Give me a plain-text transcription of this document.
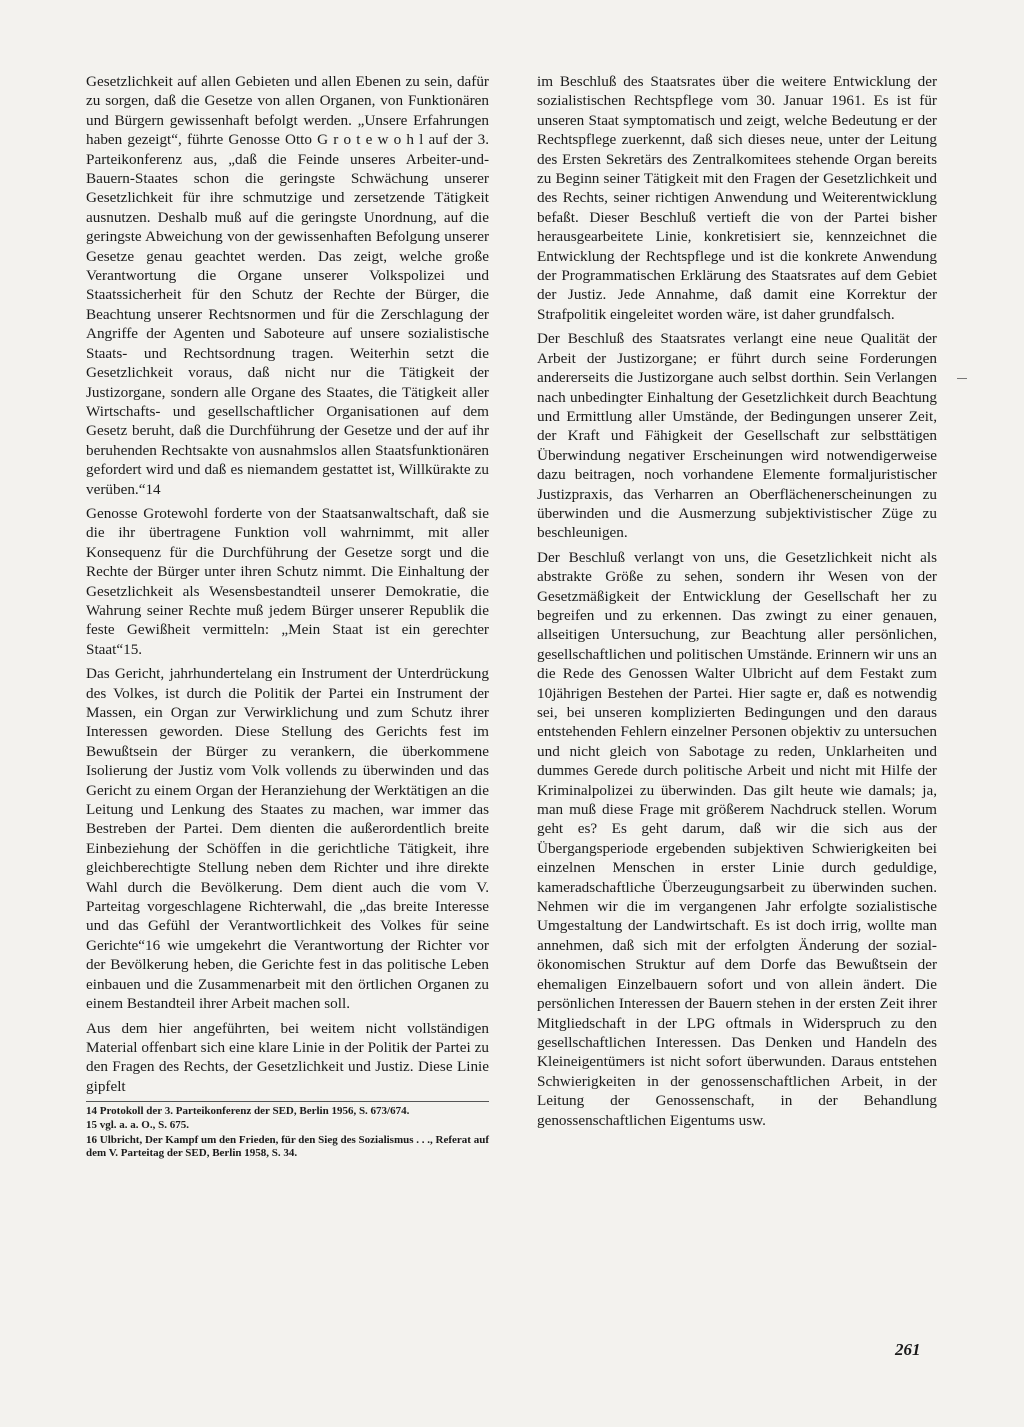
Gesetzlichkeit auf allen Gebieten und allen Ebenen zu sein, dafür zu sorgen, daß die Gesetze von allen Organen, von Funktionären und Bürgern gewissenhaft befolgt werden. „Unsere Erfahrungen haben gezeigt“, führte Genosse Otto G r o t e w o h l auf der 3. Parteikonferenz aus, „daß die Feinde unseres Arbeiter-und-Bauern-Staates schon die geringste Schwächung unserer Gesetzlichkeit für ihre schmutzige und zersetzende Tätigkeit ausnutzen. Deshalb muß auf die geringste Unordnung, auf die geringste Abweichung von der gewissenhaften Befolgung unserer Gesetze genau geachtet werden. Das zeigt, welche große Verantwortung die Organe unserer Volkspolizei und Staatssicherheit für den Schutz der Rechte der Bürger, die Beachtung unserer Rechtsnormen und für die Zerschlagung der Angriffe der Agenten und Saboteure auf unsere sozialistische Staats- und Rechtsordnung tragen. Weiterhin setzt die Gesetzlichkeit voraus, daß nicht nur die Tätigkeit der Justizorgane, sondern alle Organe des Staates, die Tätigkeit aller Wirtschafts- und gesellschaftlicher Organisationen auf dem Gesetz beruht, daß die Durchführung der Gesetze und der auf ihr beruhenden Rechtsakte von ausnahmslos allen Staatsfunktionären gefordert wird und daß es niemandem gestattet ist, Willkürakte zu verüben.“14

Genosse Grotewohl forderte von der Staatsanwaltschaft, daß sie die ihr übertragene Funktion voll wahrnimmt, mit aller Konsequenz für die Durchführung der Gesetze sorgt und die Rechte der Bürger unter ihren Schutz nimmt. Die Einhaltung der Gesetzlichkeit als Wesensbestandteil unserer Demokratie, die Wahrung seiner Rechte muß jedem Bürger unserer Republik die feste Gewißheit vermitteln: „Mein Staat ist ein gerechter Staat“15.

Das Gericht, jahrhundertelang ein Instrument der Unterdrückung des Volkes, ist durch die Politik der Partei ein Instrument der Massen, ein Organ zur Verwirklichung und zum Schutz ihrer Interessen geworden. Diese Stellung des Gerichts fest im Bewußtsein der Bürger zu verankern, die überkommene Isolierung der Justiz vom Volk vollends zu überwinden und das Gericht zu einem Organ der Heranziehung der Werktätigen an die Leitung und Lenkung des Staates zu machen, war immer das Bestreben der Partei. Dem dienten die außerordentlich breite Einbeziehung der Schöffen in die gerichtliche Tätigkeit, ihre gleichberechtigte Stellung neben dem Richter und ihre direkte Wahl durch die Bevölkerung. Dem dient auch die vom V. Parteitag vorgeschlagene Richterwahl, die „das breite Interesse und das Gefühl der Verantwortlichkeit des Volkes für seine Gerichte“16 wie umgekehrt die Verantwortung der Richter vor der Bevölkerung heben, die Gerichte fest in das politische Leben einbauen und die Zusammenarbeit mit den örtlichen Organen zu einem Bestandteil ihrer Arbeit machen soll.

Aus dem hier angeführten, bei weitem nicht vollständigen Material offenbart sich eine klare Linie in der Politik der Partei zu den Fragen des Rechts, der Gesetzlichkeit und Justiz. Diese Linie gipfelt

14 Protokoll der 3. Parteikonferenz der SED, Berlin 1956, S. 673/674.
15 vgl. a. a. O., S. 675.
16 Ulbricht, Der Kampf um den Frieden, für den Sieg des Sozialismus . . ., Referat auf dem V. Parteitag der SED, Berlin 1958, S. 34.

im Beschluß des Staatsrates über die weitere Entwicklung der sozialistischen Rechtspflege vom 30. Januar 1961. Es ist für unseren Staat symptomatisch und zeigt, welche Bedeutung er der Rechtspflege zuerkennt, daß sich dieses neue, unter der Leitung des Ersten Sekretärs des Zentralkomitees stehende Organ bereits zu Beginn seiner Tätigkeit mit den Fragen der Gesetzlichkeit und des Rechts, seiner richtigen Anwendung und Weiterentwicklung befaßt. Dieser Beschluß vertieft die von der Partei bisher herausgearbeitete Linie, konkretisiert sie, kennzeichnet die Entwicklung der Rechtspflege und ist die konkrete Anwendung der Programmatischen Erklärung des Staatsrates auf dem Gebiet der Justiz. Jede Annahme, daß damit eine Korrektur der Strafpolitik eingeleitet worden wäre, ist daher grundfalsch.

Der Beschluß des Staatsrates verlangt eine neue Qualität der Arbeit der Justizorgane; er führt durch seine Forderungen andererseits die Justizorgane auch selbst dorthin. Sein Verlangen nach unbedingter Einhaltung der Gesetzlichkeit durch Beachtung und Ermittlung aller Umstände, der Bedingungen unserer Zeit, der Kraft und Fähigkeit der Gesellschaft zur selbsttätigen Überwindung negativer Erscheinungen wird notwendigerweise dazu beitragen, noch vorhandene Elemente formaljuristischer Justizpraxis, das Verharren an Oberflächenerscheinungen zu überwinden und die Ausmerzung subjektivistischer Züge zu beschleunigen.

Der Beschluß verlangt von uns, die Gesetzlichkeit nicht als abstrakte Größe zu sehen, sondern ihr Wesen von der Gesetzmäßigkeit der Entwicklung der Gesellschaft her zu begreifen und zu erkennen. Das zwingt zu einer genauen, allseitigen Untersuchung, zur Beachtung aller persönlichen, gesellschaftlichen und politischen Umstände. Erinnern wir uns an die Rede des Genossen Walter Ulbricht auf dem Festakt zum 10jährigen Bestehen der Partei. Hier sagte er, daß es notwendig sei, bei unseren komplizierten Bedingungen und den daraus entstehenden Fehlern einzelner Personen objektiv zu untersuchen und nicht gleich von Sabotage zu reden, Unklarheiten und dummes Gerede durch politische Arbeit und nicht mit Hilfe der Kriminalpolizei zu überwinden. Das gilt heute wie damals; ja, man muß diese Frage mit größerem Nachdruck stellen. Worum geht es? Es geht darum, daß wir die sich aus der Übergangsperiode ergebenden subjektiven Schwierigkeiten bei einzelnen Menschen in erster Linie durch geduldige, kameradschaftliche Überzeugungsarbeit zu überwinden suchen. Nehmen wir die im vergangenen Jahr erfolgte sozialistische Umgestaltung der Landwirtschaft. Es ist doch irrig, wollte man annehmen, daß sich mit der erfolgten Änderung der sozial-ökonomischen Struktur auf dem Dorfe das Bewußtsein der ehemaligen Einzelbauern sofort und von allein ändert. Die persönlichen Interessen der Bauern stehen in der ersten Zeit ihrer Mitgliedschaft in der LPG oftmals in Widerspruch zu den gesellschaftlichen Interessen. Das Denken und Handeln des Kleineigentümers ist nicht sofort überwunden. Daraus entstehen Schwierigkeiten in der genossenschaftlichen Arbeit, in der Leitung der Genossenschaft, in der Behandlung genossenschaftlichen Eigentums usw.

261
